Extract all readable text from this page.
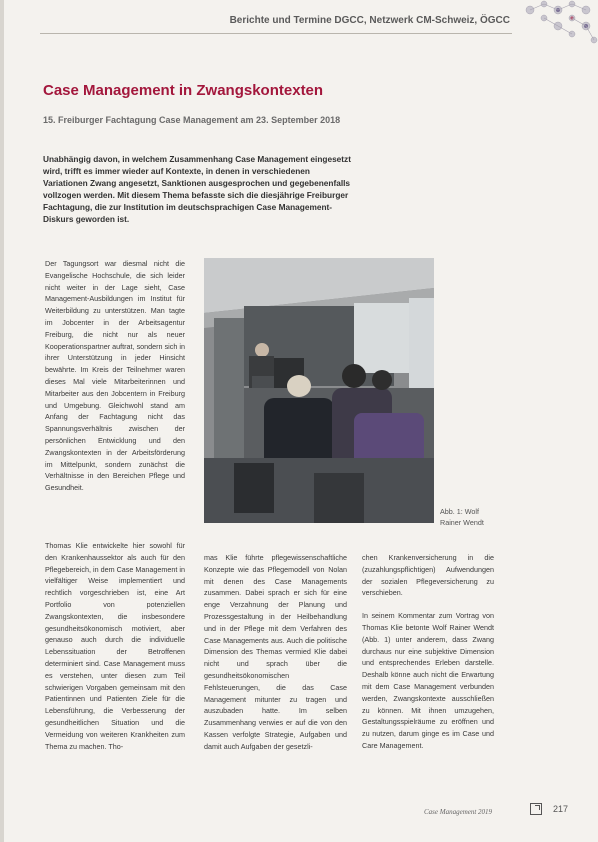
Berichte und Termine DGCC, Netzwerk CM-Schweiz, ÖGCC
Case Management in Zwangskontexten
15. Freiburger Fachtagung Case Management am 23. September 2018

Unabhängig davon, in welchem Zusammenhang Case Management eingesetzt wird, trifft es immer wieder auf Kontexte, in denen in verschiedenen Variationen Zwang angesetzt, Sanktionen ausgesprochen und gegebenenfalls vollzogen werden. Mit diesem Thema befasste sich die diesjährige Freiburger Fachtagung, die zur Institution im deutschsprachigen Case Management-Diskurs geworden ist.

Der Tagungsort war diesmal nicht die Evangelische Hochschule, die sich leider nicht weiter in der Lage sieht, Case Management-Ausbildungen im Institut für Weiterbildung zu unterstützen. Man tagte im Jobcenter in der Arbeitsagentur Freiburg, die nicht nur als neuer Kooperationspartner auftrat, sondern sich in ihrer Unterstützung in jeder Hinsicht bewährte. Im Kreis der Teilnehmer waren dieses Mal viele Mitarbeiterinnen und Mitarbeiter aus den Jobcentern in Freiburg und Umgebung. Gleichwohl stand am Anfang der Fachtagung nicht das Spannungsverhältnis zwischen der persönlichen Entwicklung und den Zwangskontexten in der Arbeitsförderung im Mittelpunkt, sondern zunächst die Verhältnisse in den Bereichen Pflege und Gesundheit.
Abb. 1: Wolf Rainer Wendt
Thomas Klie entwickelte hier sowohl für den Krankenhaussektor als auch für den Pflegebereich, in dem Case Management in vielfältiger Weise implementiert und rechtlich vorgeschrieben ist, eine Art Portfolio von potenziellen Zwangskontexten, die insbesondere gesundheitsökonomisch motiviert, aber genauso auch durch die individuelle Lebenssituation der Betroffenen determiniert sind. Case Management muss es verstehen, unter diesen zum Teil schwierigen Vorgaben gemeinsam mit den Patientinnen und Patienten Ziele für die Lebensführung, die Verbesserung der gesundheitlichen Situation und die Vermeidung von weiteren Krankheiten zum Thema zu machen. Tho-
mas Klie führte pflegewissenschaftliche Konzepte wie das Pflegemodell von Nolan mit denen des Case Managements zusammen. Dabei sprach er sich für eine enge Verzahnung der Planung und Prozessgestaltung in der Heilbehandlung und in der Pflege mit dem Verfahren des Case Managements aus. Auch die politische Dimension des Themas vermied Klie dabei nicht und sprach über die gesundheitsökonomischen Fehlsteuerungen, die das Case Management mitunter zu tragen und auszubaden hatte. Im selben Zusammenhang verwies er auf die von den Kassen verfolgte Strategie, Aufgaben und damit auch Aufgaben der gesetzli-
chen Krankenversicherung in die (zuzahlungspflichtigen) Aufwendungen der sozialen Pflegeversicherung zu verschieben.
In seinem Kommentar zum Vortrag von Thomas Klie betonte Wolf Rainer Wendt (Abb. 1) unter anderem, dass Zwang durchaus nur eine subjektive Dimension und entsprechendes Erleben darstelle. Deshalb könne auch nicht die Erwartung mit dem Case Management verbunden werden, Zwangskontexte ausschließen zu können. Mit ihnen umzugehen, Gestaltungsspielräume zu eröffnen und zu nutzen, darum ginge es im Case und Care Management.
Case Management 2019	217
